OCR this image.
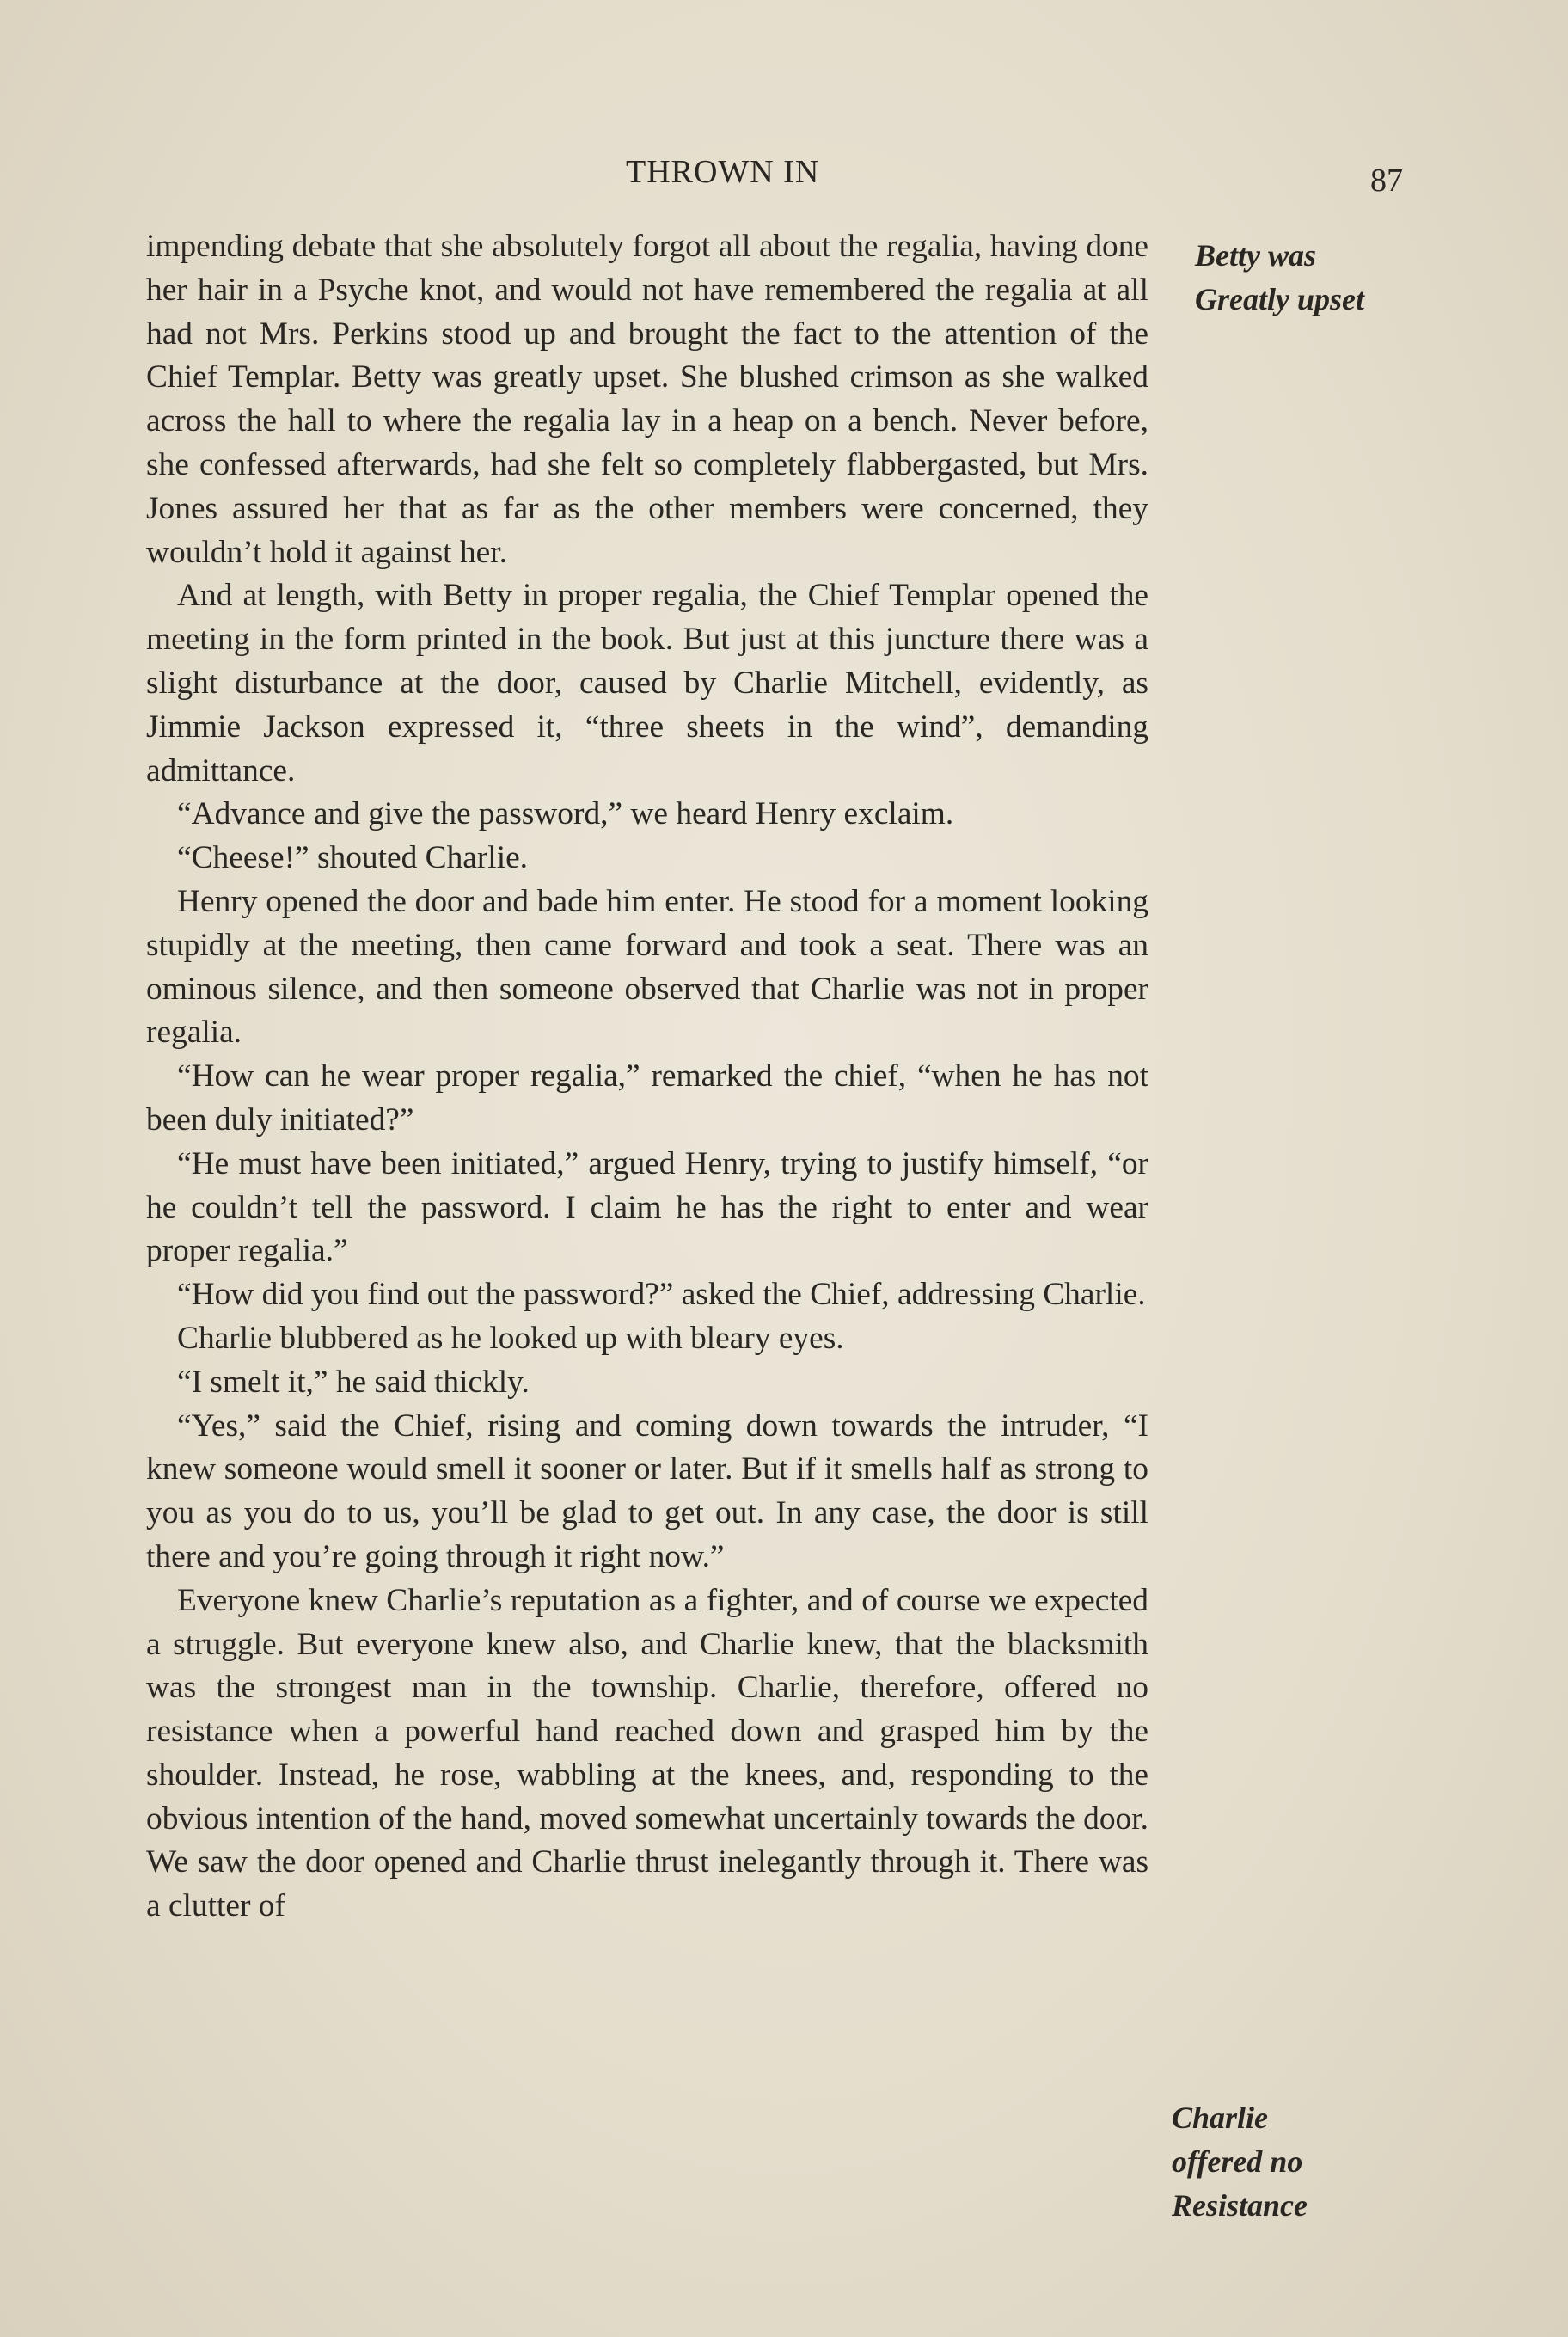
THROWN IN	87
Betty was
Greatly upset
Charlie
offered no
Resistance

impending debate that she absolutely forgot all about the regalia, having done her hair in a Psyche knot, and would not have remembered the regalia at all had not Mrs. Perkins stood up and brought the fact to the attention of the Chief Templar. Betty was greatly upset. She blushed crimson as she walked across the hall to where the regalia lay in a heap on a bench. Never before, she confessed afterwards, had she felt so completely flabbergasted, but Mrs. Jones assured her that as far as the other members were concerned, they wouldn’t hold it against her.

And at length, with Betty in proper regalia, the Chief Templar opened the meeting in the form printed in the book. But just at this juncture there was a slight disturbance at the door, caused by Charlie Mitchell, evidently, as Jimmie Jackson expressed it, “three sheets in the wind”, demanding admittance.

“Advance and give the password,” we heard Henry exclaim.

“Cheese!” shouted Charlie.

Henry opened the door and bade him enter. He stood for a moment looking stupidly at the meeting, then came forward and took a seat. There was an ominous silence, and then someone observed that Charlie was not in proper regalia.

“How can he wear proper regalia,” remarked the chief, “when he has not been duly initiated?”

“He must have been initiated,” argued Henry, trying to justify himself, “or he couldn’t tell the password. I claim he has the right to enter and wear proper regalia.”

“How did you find out the password?” asked the Chief, addressing Charlie.

Charlie blubbered as he looked up with bleary eyes.

“I smelt it,” he said thickly.

“Yes,” said the Chief, rising and coming down towards the intruder, “I knew someone would smell it sooner or later. But if it smells half as strong to you as you do to us, you’ll be glad to get out. In any case, the door is still there and you’re going through it right now.”

Everyone knew Charlie’s reputation as a fighter, and of course we expected a struggle. But everyone knew also, and Charlie knew, that the blacksmith was the strongest man in the township. Charlie, therefore, offered no resistance when a powerful hand reached down and grasped him by the shoulder. Instead, he rose, wabbling at the knees, and, responding to the obvious intention of the hand, moved somewhat uncertainly towards the door. We saw the door opened and Charlie thrust inelegantly through it. There was a clutter of
